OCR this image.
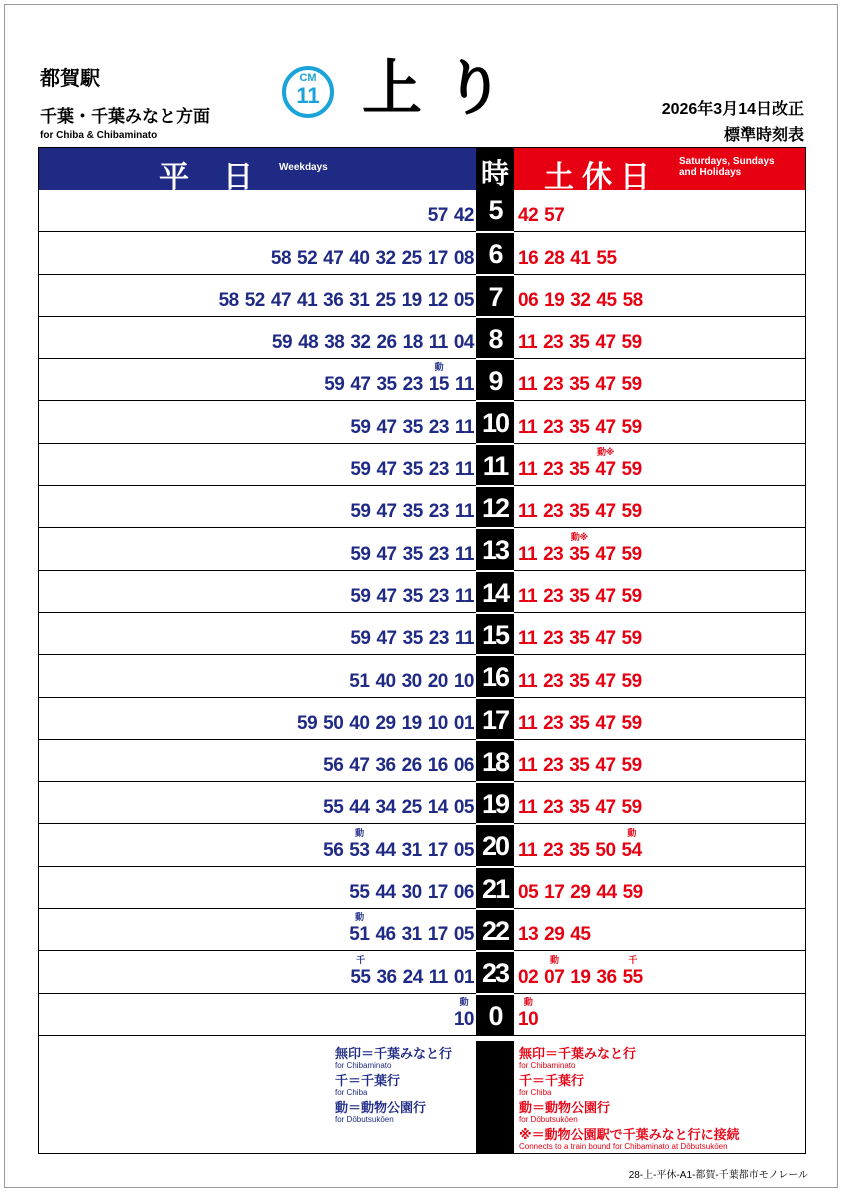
都賀駅
千葉・千葉みなと方面
for Chiba & Chibaminato
CM
11 上り	2026年3月14日改正
標準時刻表
平日
Weekdays	時 土休日 Saturdays, Sundays
and Holidays
57 42 5 42 57
58 52 47 40 32 25 17 08 6 16 28 41 55
58 52 47 41 36 31 25 19 12 05 7 06 19 32 45 58
59 48 38 32 26 18 11 04 8 11 23 35 47 59
59 47 35 23 15
動
11 9 11 23 35 47 59
59 47 35 23 11 10 11 23 35 47 59
59 47 35 23 11 11 11 23 35 47
動※
59
59 47 35 23 11 12 11 23 35 47 59
59 47 35 23 11 13 11 23 35
動※
47 59
59 47 35 23 11 14 11 23 35 47 59
59 47 35 23 11 15 11 23 35 47 59
51 40 30 20 10 16 11 23 35 47 59
59 50 40 29 19 10 01 17 11 23 35 47 59
56 47 36 26 16 06 18 11 23 35 47 59
55 44 34 25 14 05 19 11 23 35 47 59
56 53
動
44 31 17 05 20 11 23 35 50 54
動
55 44 30 17 06 21 05 17 29 44 59
51
動
46 31 17 05 22 13 29 45
55
千
36 24 11 01 23 02 07
動
19 36 55
千
10
動 0 10
動
無印＝千葉みなと行
for Chibaminato
千＝千葉行
for Chiba
動＝動物公園行
for Dōbutsukōen
無印＝千葉みなと行
for Chibaminato
千＝千葉行
for Chiba
動＝動物公園行
for Dōbutsukōen
※＝動物公園駅で千葉みなと行に接続
Connects to a train bound for Chibaminato at Dōbutsukōen
28-上-平休-A1-都賀-千葉都市モノレール
